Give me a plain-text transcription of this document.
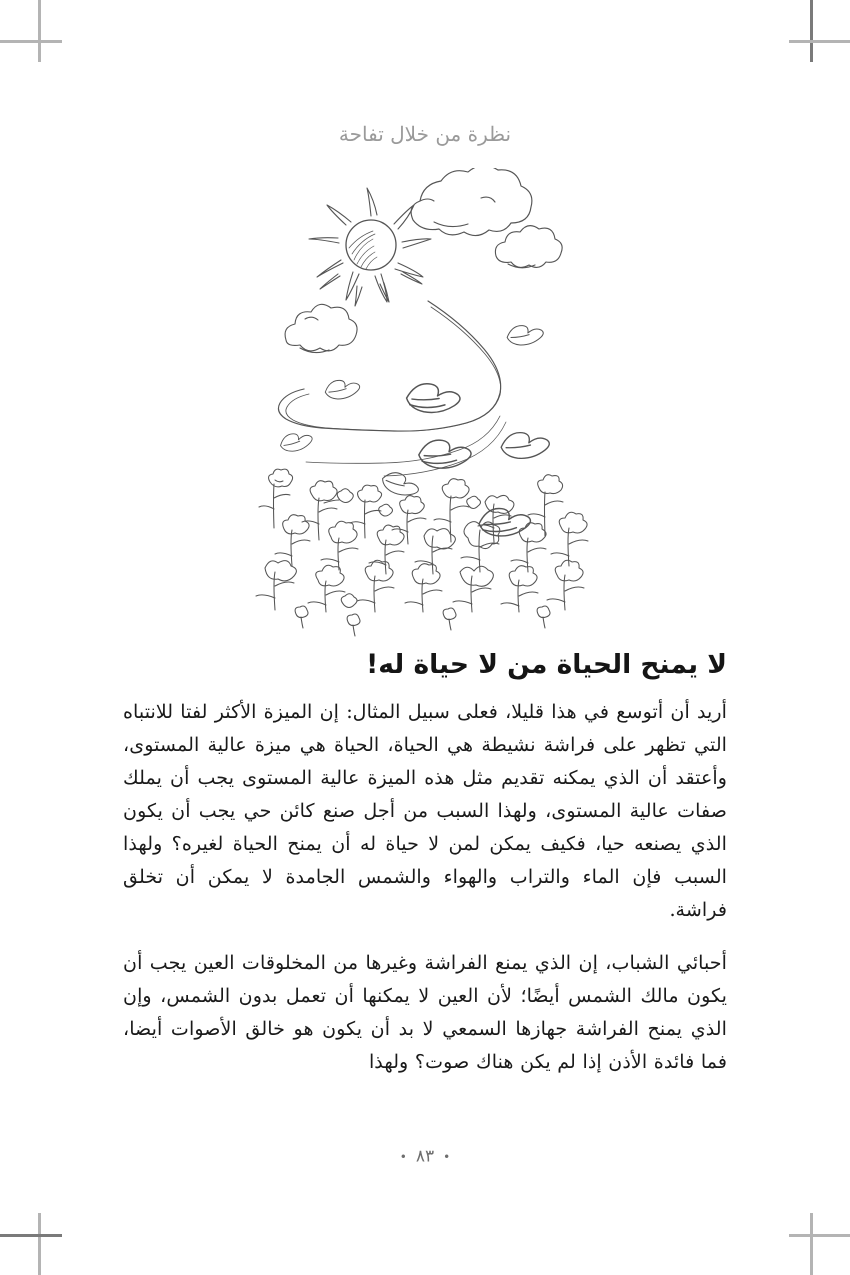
نظرة من خلال تفاحة
لا يمنح الحياة من لا حياة له!

أريد أن أتوسع في هذا قليلا، فعلى سبيل المثال: إن الميزة الأكثر لفتا للانتباه التي تظهر على فراشة نشيطة هي الحياة، الحياة هي ميزة عالية المستوى، وأعتقد أن الذي يمكنه تقديم مثل هذه الميزة عالية المستوى يجب أن يملك صفات عالية المستوى، ولهذا السبب من أجل صنع كائن حي يجب أن يكون الذي يصنعه حيا، فكيف يمكن لمن لا حياة له أن يمنح الحياة لغيره؟ ولهذا السبب فإن الماء والتراب والهواء والشمس الجامدة لا يمكن أن تخلق فراشة.

أحبائي الشباب، إن الذي يمنع الفراشة وغيرها من المخلوقات العين يجب أن يكون مالك الشمس أيضًا؛ لأن العين لا يمكنها أن تعمل بدون الشمس، وإن الذي يمنح الفراشة جهازها السمعي لا بد أن يكون هو خالق الأصوات أيضا، فما فائدة الأذن إذا لم يكن هناك صوت؟ ولهذا

•٨٣•
